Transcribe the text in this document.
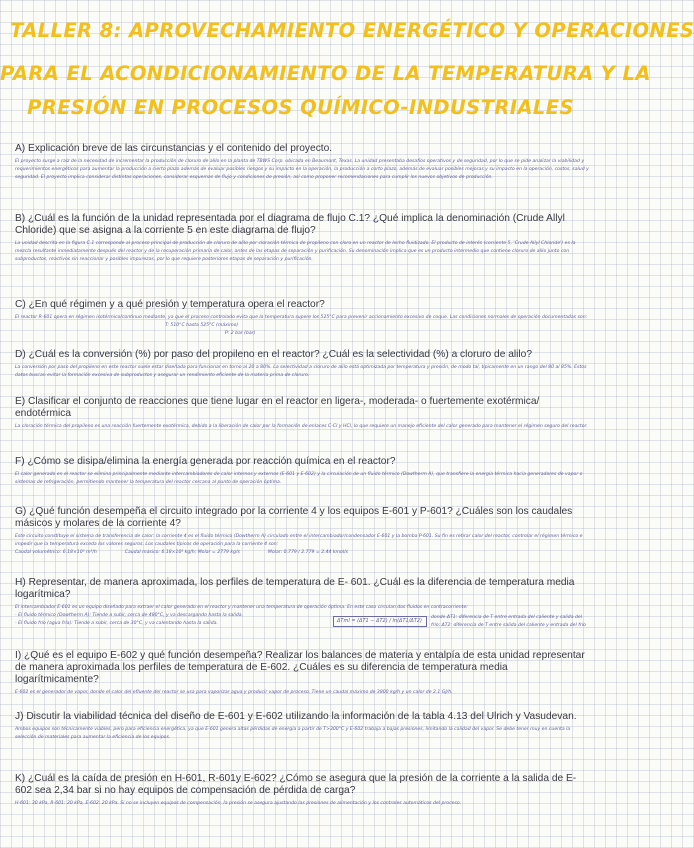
TALLER 8: APROVECHAMIENTO ENERGÉTICO Y OPERACIONES
PARA EL ACONDICIONAMIENTO DE LA TEMPERATURA Y LA
PRESIÓN EN PROCESOS QUÍMICO-INDUSTRIALES

A) Explicación breve de las circunstancias y el contenido del proyecto.

El proyecto surge a raíz de la necesidad de incrementar la producción de cloruro de alilo en la planta de TBWS Corp. ubicada en Beaumont, Texas. La unidad presentaba desafíos operativos y de seguridad, por lo que se pide analizar la viabilidad y requerimientos energéticos para aumentar la producción a cierto plazo además de evaluar posibles riesgos y su impacto en la operación, la producción a corto plazo, además de evaluar posibles mejoras y su impacto en la operación, costos, salud y seguridad. El proyecto implica considerar distintas operaciones, considerar esquemas de flujo y condiciones de presión, así como proponer recomendaciones para cumplir los nuevos objetivos de producción.

B) ¿Cuál es la función de la unidad representada por el diagrama de flujo C.1? ¿Qué implica la denominación (Crude Allyl Chloride) que se asigna a la corriente 5 en este diagrama de flujo?

La unidad descrita en la figura C.1 corresponde al proceso principal de producción de cloruro de alilo por cloración térmica de propileno con cloro en un reactor de lecho fluidizado. El producto de interés (corriente 5, 'Crude Allyl Chloride') es la mezcla resultante inmediatamente después del reactor y de la recuperación primaria de calor, antes de las etapas de separación y purificación. Su denominación implica que es un producto intermedio que contiene cloruro de alilo junto con subproductos, reactivos sin reaccionar y posibles impurezas, por lo que requiere posteriores etapas de separación y purificación.

C) ¿En qué régimen y a qué presión y temperatura opera el reactor?

El reactor R-601 opera en régimen isotérmico/continuo mediante, ya que el proceso controlado evita que la temperatura supere los 525°C para prevenir accionamiento excesivo de coque. Las condiciones normales de operación documentadas son:

T: 510°C hasta 525°C (máximo)

P: 2 bar (bar)

D) ¿Cuál es la conversión (%) por paso del propileno en el reactor? ¿Cuál es la selectividad (%) a cloruro de alilo?

La conversión por paso del propileno en este reactor suele estar diseñada para funcionar en torno al 20 a 80%. La selectividad a cloruro de alilo está optimizada por temperatura y presión, de modo tal, típicamente en un rango del 80 al 85%. Estos datos buscan evitar la formación excesiva de subproductos y asegurar un rendimiento eficiente de la materia prima de cloruro.

E) Clasificar el conjunto de reacciones que tiene lugar en el reactor en ligera-, moderada- o fuertemente exotérmica/ endotérmica

La cloración térmica del propileno es una reacción fuertemente exotérmica, debido a la liberación de calor por la formación de enlaces C-Cl y HCl, lo que requiere un manejo eficiente del calor generado para mantener el régimen seguro del reactor.

F) ¿Cómo se disipa/elimina la energía generada por reacción química en el reactor?

El calor generado en el reactor se elimina principalmente mediante intercambiadores de calor internos y externos (E-601 y E-602) y la circulación de un fluido térmico (Dowtherm A), que transfiere la energía térmica hacia generadores de vapor o sistemas de refrigeración, permitiendo mantener la temperatura del reactor cercana al punto de operación óptima.

G) ¿Qué función desempeña el circuito integrado por la corriente 4 y los equipos E-601 y P-601? ¿Cuáles son los caudales másicos y molares de la corriente 4?

Este circuito constituye el sistema de transferencia de calor: la corriente 4 es el fluido térmico (Dowtherm A) circulado entre el intercambiador/condensador E-601 y la bomba P-601. Su fin es retirar calor del reactor, controlar el régimen térmico e impedir que la temperatura exceda los valores seguros. Los caudales típicos de operación para la corriente 4 son:

Caudal volumétrico: 6.18×10³ m³/h	Caudal másico: 6.18×10⁵ kg/h; Molar = 2779 kg/s	Molar: 0.779 / 2.779 = 2.44 kmol/s

H) Representar, de manera aproximada, los perfiles de temperatura de E- 601. ¿Cuál es la diferencia de temperatura media logarítmica?

El intercambiador E-601 es un equipo diseñado para extraer el calor generado en el reactor y mantener una temperatura de operación óptima. En este caso circulan dos fluidos en contracorriente:

- El fluido térmico (Dowtherm A): Tiende a subir, cerca de 480°C, y va descargando hasta la salida.

- El fluido frío (agua fría): Tiende a subir, cerca de 30°C, y va calentando hasta la salida.	ΔTml = (ΔT1 − ΔT2) / ln(ΔT1/ΔT2)
donde ΔT1: diferencia de T entre entrada del caliente y salida del frío; ΔT2: diferencia de T entre salida del caliente y entrada del frío

I) ¿Qué es el equipo E-602 y qué función desempeña? Realizar los balances de materia y entalpía de esta unidad representar de manera aproximada los perfiles de temperatura de E-602. ¿Cuáles es su diferencia de temperatura media logarítmicamente?

E-602 es el generador de vapor, donde el calor del efluente del reactor se usa para vaporizar agua y producir vapor de proceso. Tiene un caudal máximo de 3800 kg/h y un calor de 2.1 GJ/h.

J) Discutir la viabilidad técnica del diseño de E-601 y E-602 utilizando la información de la tabla 4.13 del Ulrich y Vasudevan.

Ambos equipos son técnicamente viables, pero para eficiencia energética, ya que E-601 genera altas pérdidas de energía a partir de T>300°C y E-602 trabaja a bajas presiones, limitando la calidad del vapor. Se debe tener muy en cuenta la selección de materiales para aumentar la eficiencia de los equipos.

K) ¿Cuál es la caída de presión en H-601, R-601y E-602? ¿Cómo se asegura que la presión de la corriente a la salida de E-602 sea 2,34 bar si no hay equipos de compensación de pérdida de carga?

H-601: 30 kPa, R-601: 20 kPa, E-602: 20 kPa. Si no se incluyen equipos de compensación, la presión se asegura ajustando las presiones de alimentación y los controles automáticos del proceso.
